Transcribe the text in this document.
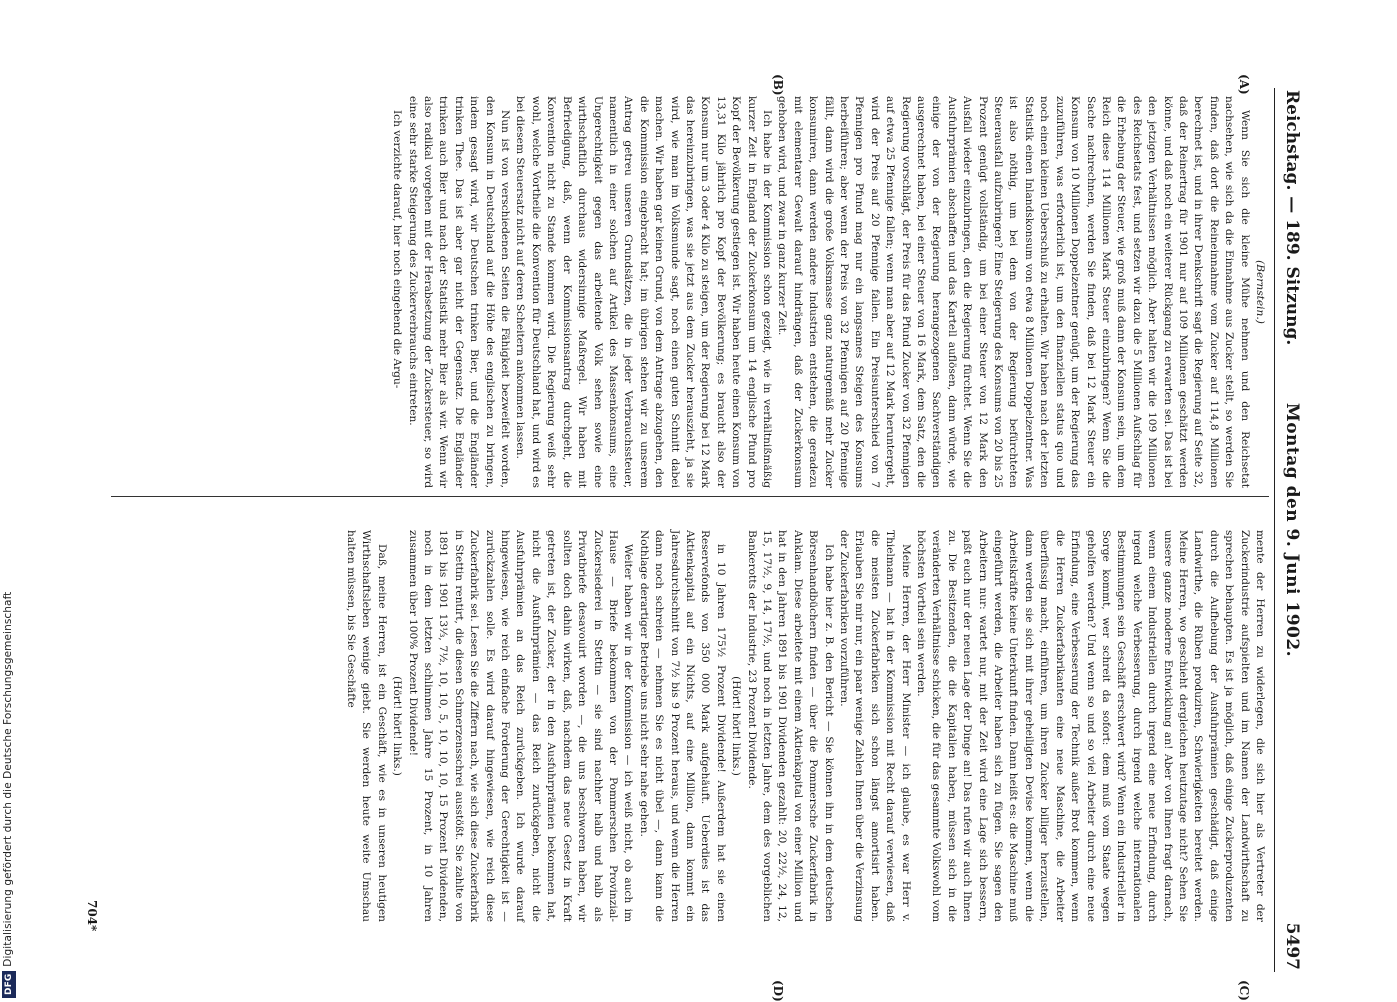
DFGDigitalisierung gefördert durch die Deutsche Forschungsgemeinschaft
Reichstag. — 189. Sitzung.
Montag den 9. Juni 1902.
5497
(A)
(B)
(C)
(D)

(Bernstein.)

Wenn Sie sich die kleine Mühe nehmen und den Reichsetat nachsehen, wie sich da die Einnahme aus Zucker stellt, so werden Sie finden, daß dort die Reineinnahme vom Zucker auf 114,8 Millionen berechnet ist, und in ihrer Denkschrift sagt die Regierung auf Seite 32, daß der Reinertrag für 1901 nur auf 109 Millionen geschätzt werden könne, und daß noch ein weiterer Rückgang zu erwarten sei. Das ist bei den jetzigen Verhältnissen möglich. Aber halten wir die 109 Millionen des Reichsetats fest, und setzen wir dazu die 5 Millionen Aufschlag für die Erhebung der Steuer, wie groß muß dann der Konsum sein, um dem Reich diese 114 Millionen Mark Steuer einzubringen? Wenn Sie die Sache nachrechnen, werden Sie finden, daß bei 12 Mark Steuer ein Konsum von 10 Millionen Doppelzentner genügt, um der Regierung das zuzuführen, was erforderlich ist, um den finanziellen status quo und noch einen kleinen Ueberschuß zu erhalten. Wir haben nach der letzten Statistik einen Inlandskonsum von etwa 8 Millionen Doppelzentner. Was ist also nöthig, um bei dem von der Regierung befürchteten Steuerausfall aufzubringen? Eine Steigerung des Konsums von 20 bis 25 Prozent genügt vollständig, um bei einer Steuer von 12 Mark den Ausfall wieder einzubringen, den die Regierung fürchtet. Wenn Sie die Ausfuhrprämien abschaffen und das Kartell auflösen, dann würde, wie einige der von der Regierung herangezogenen Sachverständigen ausgerechnet haben, bei einer Steuer von 16 Mark, dem Satz, den die Regierung vorschlägt, der Preis für das Pfund Zucker von 32 Pfennigen auf etwa 25 Pfennige fallen; wenn man aber auf 12 Mark heruntergeht, wird der Preis auf 20 Pfennige fallen. Ein Preisunterschied von 7 Pfennigen pro Pfund mag nur ein langsames Steigen des Konsums herbeiführen; aber wenn der Preis von 32 Pfennigen auf 20 Pfennige fällt, dann wird die große Volksmasse ganz naturgemäß mehr Zucker konsumiren, dann werden andere Industrien entstehen, die geradezu mit elementarer Gewalt darauf hindrängen, daß der Zuckerkonsum gehoben wird, und zwar in ganz kurzer Zeit.

Ich habe in der Kommission schon gezeigt, wie in verhältnißmäßig kurzer Zeit in England der Zuckerkonsum um 14 englische Pfund pro Kopf der Bevölkerung gestiegen ist. Wir haben heute einen Konsum von 13,31 Kilo jährlich pro Kopf der Bevölkerung; es braucht also der Konsum nur um 3 oder 4 Kilo zu steigen, um der Regierung bei 12 Mark das hereinzubringen, was sie jetzt aus dem Zucker herauszieht, ja sie wird, wie man im Volksmunde sagt, noch einen guten Schnitt dabei machen. Wir haben gar keinen Grund, von dem Antrage abzugehen, den die Kommission eingebracht hat; im übrigen stehen wir zu unserem Antrag getreu unseren Grundsätzen, die in jeder Verbrauchssteuer, namentlich in einer solchen auf Artikel des Massenkonsums, eine Ungerechtigkeit gegen das arbeitende Volk sehen sowie eine wirthschaftlich durchaus widersinnige Maßregel. Wir haben mit Befriedigung, daß, wenn der Kommissionsantrag durchgeht, die Konvention nicht zu Stande kommen wird. Die Regierung weiß sehr wohl, welche Vortheile die Konvention für Deutschland hat, und wird es bei diesem Steuersatz nicht auf deren Scheitern ankommen lassen.

Nun ist von verschiedenen Seiten die Fähigkeit bezweifelt worden, den Konsum in Deutschland auf die Höhe des englischen zu bringen, indem gesagt wird, wir Deutschen trinken Bier, und die Engländer trinken Thee. Das ist aber gar nicht der Gegensatz. Die Engländer trinken auch Bier und nach der Statistik mehr Bier als wir. Wenn wir also radikal vorgehen mit der Herabsetzung der Zuckersteuer, so wird eine sehr starke Steigerung des Zuckerverbrauchs eintreten.

Ich verzichte darauf, hier noch eingehend die Argu-

mente der Herren zu widerlegen, die sich hier als Vertreter der Zuckerindustrie aufspielten und im Namen der Landwirthschaft zu sprechen behaupten. Es ist ja möglich, daß einige Zuckerproduzenten durch die Aufhebung der Ausfuhrprämien geschädigt, daß einige Landwirthe, die Rüben produziren, Schwierigkeiten bereitet werden. Meine Herren, wo geschieht dergleichen heutzutage nicht? Sehen Sie unsere ganze moderne Entwicklung an! Aber von Ihnen fragt darnach, wenn einem Industriellen durch irgend eine neue Erfindung, durch irgend welche Verbesserung, durch irgend welche internationalen Bestimmungen sein Geschäft erschwert wird? Wenn ein Industrieller in Sorge kommt, wer schreit da sofort: dem muß vom Staate wegen geholfen werden? Und wenn so und so viel Arbeiter durch eine neue Erfindung, eine Verbesserung der Technik außer Brot kommen, wenn die Herren Zuckerfabrikanten eine neue Maschine, die Arbeiter überflüssig macht, einführen, um ihren Zucker billiger herzustellen, dann werden sie sich mit ihrer geheiligten Devise kommen, wenn die Arbeitskräfte keine Unterkunft finden. Dann heißt es: die Maschine muß eingeführt werden, die Arbeiter haben sich zu fügen. Sie sagen den Arbeitern nur: wartet nur, mit der Zeit wird eine Lage sich bessern, paßt euch nur der neuen Lage der Dinge an! Das rufen wir auch Ihnen zu. Die Besitzenden, die die Kapitalien haben, müssen sich in die veränderten Verhältnisse schicken, die für das gesammte Volkswohl vom höchsten Vortheil sein werden.

Meine Herren, der Herr Minister — ich glaube, es war Herr v. Thielmann — hat in der Kommission mit Recht darauf verwiesen, daß die meisten Zuckerfabriken sich schon längst amortisirt haben. Erlauben Sie mir nur, ein paar wenige Zahlen Ihnen über die Verzinsung der Zuckerfabriken vorzuführen.

Ich habe hier z. B. den Bericht — Sie können ihn in dem deutschen Börsenhandbüchern finden — über die Pommersche Zuckerfabrik in Anklam. Diese arbeitete mit einem Aktienkapital von einer Million und hat in den Jahren 1891 bis 1901 Dividenden gezahlt: 20, 22½, 24, 12, 15, 17½, 9, 14, 17½, und noch in letzten Jahre, dem des vorgeblichen Bankerotts der Industrie, 23 Prozent Dividende.

(Hört! hört! links.)

in 10 Jahren 175½ Prozent Dividende! Außerdem hat sie einen Reservefonds von 350 000 Mark aufgehäuft. Ueberdies ist das Aktienkapital auf ein Nichts, auf eine Million, dann kommt ein Jahresdurchschnitt von 7½ bis 9 Prozent heraus, und wenn die Herren dann noch schreien — nehmen Sie es nicht übel —, dann kann die Nothlage derartiger Betriebe uns nicht sehr nahe gehen.

Weiter haben wir in der Kommission — ich weiß nicht, ob auch im Hause — Briefe bekommen von der Pommerschen Provinzial-Zuckersiederei in Stettin — sie sind nachher halb und halb als Privatbriefe desavouirt worden —, die uns beschworen haben, wir sollten doch dahin wirken, daß, nachdem das neue Gesetz in Kraft getreten ist, der Zucker, der in den Ausfuhrprämien bekommen hat, nicht die Ausfuhrprämien — das Reich zurückgeben, nicht die Ausfuhrprämien an das Reich zurückgeben. Ich wurde darauf hingewiesen, wie reich einfache Forderung der Gerechtigkeit ist — zurückzahlen solle. Es wird darauf hingewiesen, wie reich diese Zuckerfabrik sei. Lesen Sie die Ziffern nach, wie sich diese Zuckerfabrik in Stettin rentirt, die diesen Schmerzensschrei ausstößt. Sie zahlte von 1891 bis 1901 13⅓, 7½, 10, 10, 5, 10, 10, 10, 15 Prozent Dividenden, noch in dem letzten schlimmen Jahre 15 Prozent, in 10 Jahren zusammen über 100% Prozent Dividende!

(Hört! hört! links.)

Daß, meine Herren, ist ein Geschäft, wie es in unseren heutigen Wirthschaftsleben wenige giebt. Sie werden heute weite Umschau halten müssen, bis Sie Geschäfte

704*
